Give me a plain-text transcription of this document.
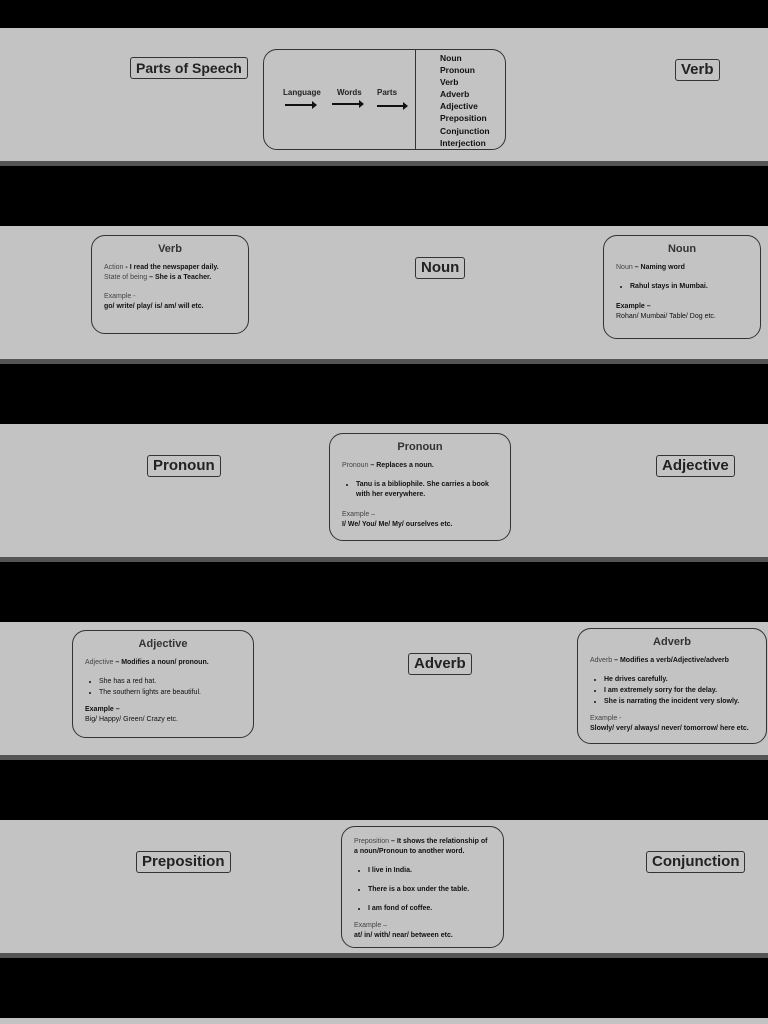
Parts of Speech
Language Words Parts
Noun
Pronoun
Verb
Adverb
Adjective
Preposition
Conjunction
Interjection
Verb
Verb

Action - I read the newspaper daily.

State of being – She is a Teacher.

Example -

go/ write/ play/ is/ am/ will etc.

Noun
Noun

Noun – Naming word

• Rahul stays in Mumbai.

Example –

Rohan/ Mumbai/ Table/ Dog etc.

Pronoun
Pronoun

Pronoun – Replaces a noun.

• Tanu is a bibliophile. She carries a book with her everywhere.

Example –

I/ We/ You/ Me/ My/ ourselves etc.

Adjective
Adjective

Adjective – Modifies a noun/ pronoun.

• She has a red hat.
• The southern lights are beautiful.

Example –

Big/ Happy/ Green/ Crazy etc.

Adverb
Adverb

Adverb – Modifies a verb/Adjective/adverb

• He drives carefully.
• I am extremely sorry for the delay.
• She is narrating the incident very slowly.

Example -

Slowly/ very/ always/ never/ tomorrow/ here etc.

Preposition

Preposition – It shows the relationship of a noun/Pronoun to another word.

• I live in India.
• There is a box under the table.
• I am fond of coffee.

Example –

at/ in/ with/ near/ between etc.

Conjunction
